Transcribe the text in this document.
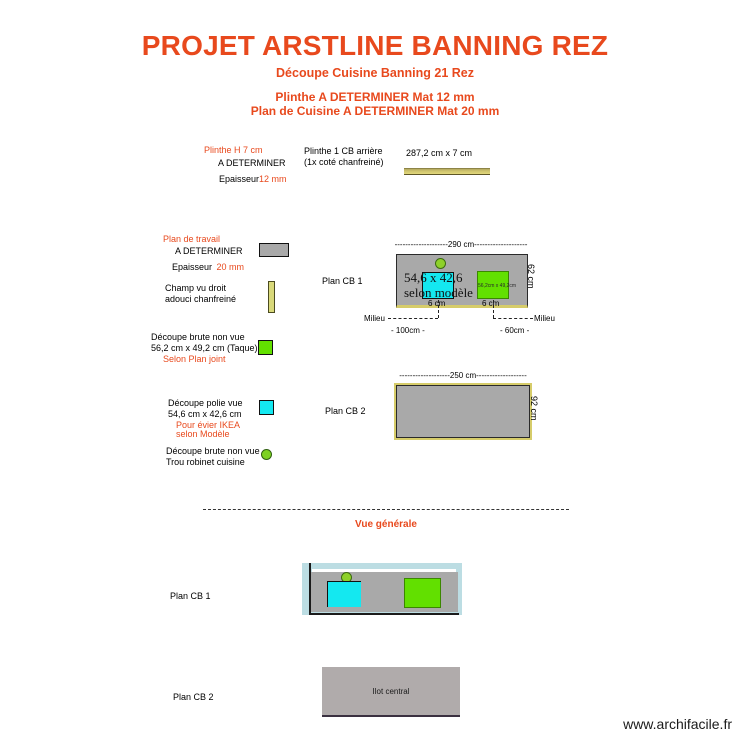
PROJET ARSTLINE BANNING REZ
Découpe Cuisine Banning 21 Rez
Plinthe A DETERMINER Mat 12 mm
Plan de Cuisine A DETERMINER Mat 20 mm
Plinthe H 7 cm
A DETERMINER
Epaisseur12 mm
Plinthe 1 CB arrière
(1x coté chanfreiné)
287,2 cm x 7 cm
Plan de travail
A DETERMINER
Epaisseur 20 mm
Champ vu droit
adouci chanfreiné
Découpe brute non vue
56,2 cm x 49,2 cm (Taque)
Selon Plan joint
Découpe polie vue
54,6 cm x 42,6 cm
Pour évier IKEA
selon Modèle
Découpe brute non vue
Trou robinet cuisine
Plan CB 1
--------------------290 cm--------------------
56,2cm x 49,2cm
54,6 x 42,6
selon modèle
6 cm	6 cm
62 cm
Milieu	Milieu
- 100cm -	- 60cm -
Plan CB 2
-------------------250 cm-------------------
92 cm
Vue générale
Plan CB 1
Plan CB 2
Ilot central
www.archifacile.fr
